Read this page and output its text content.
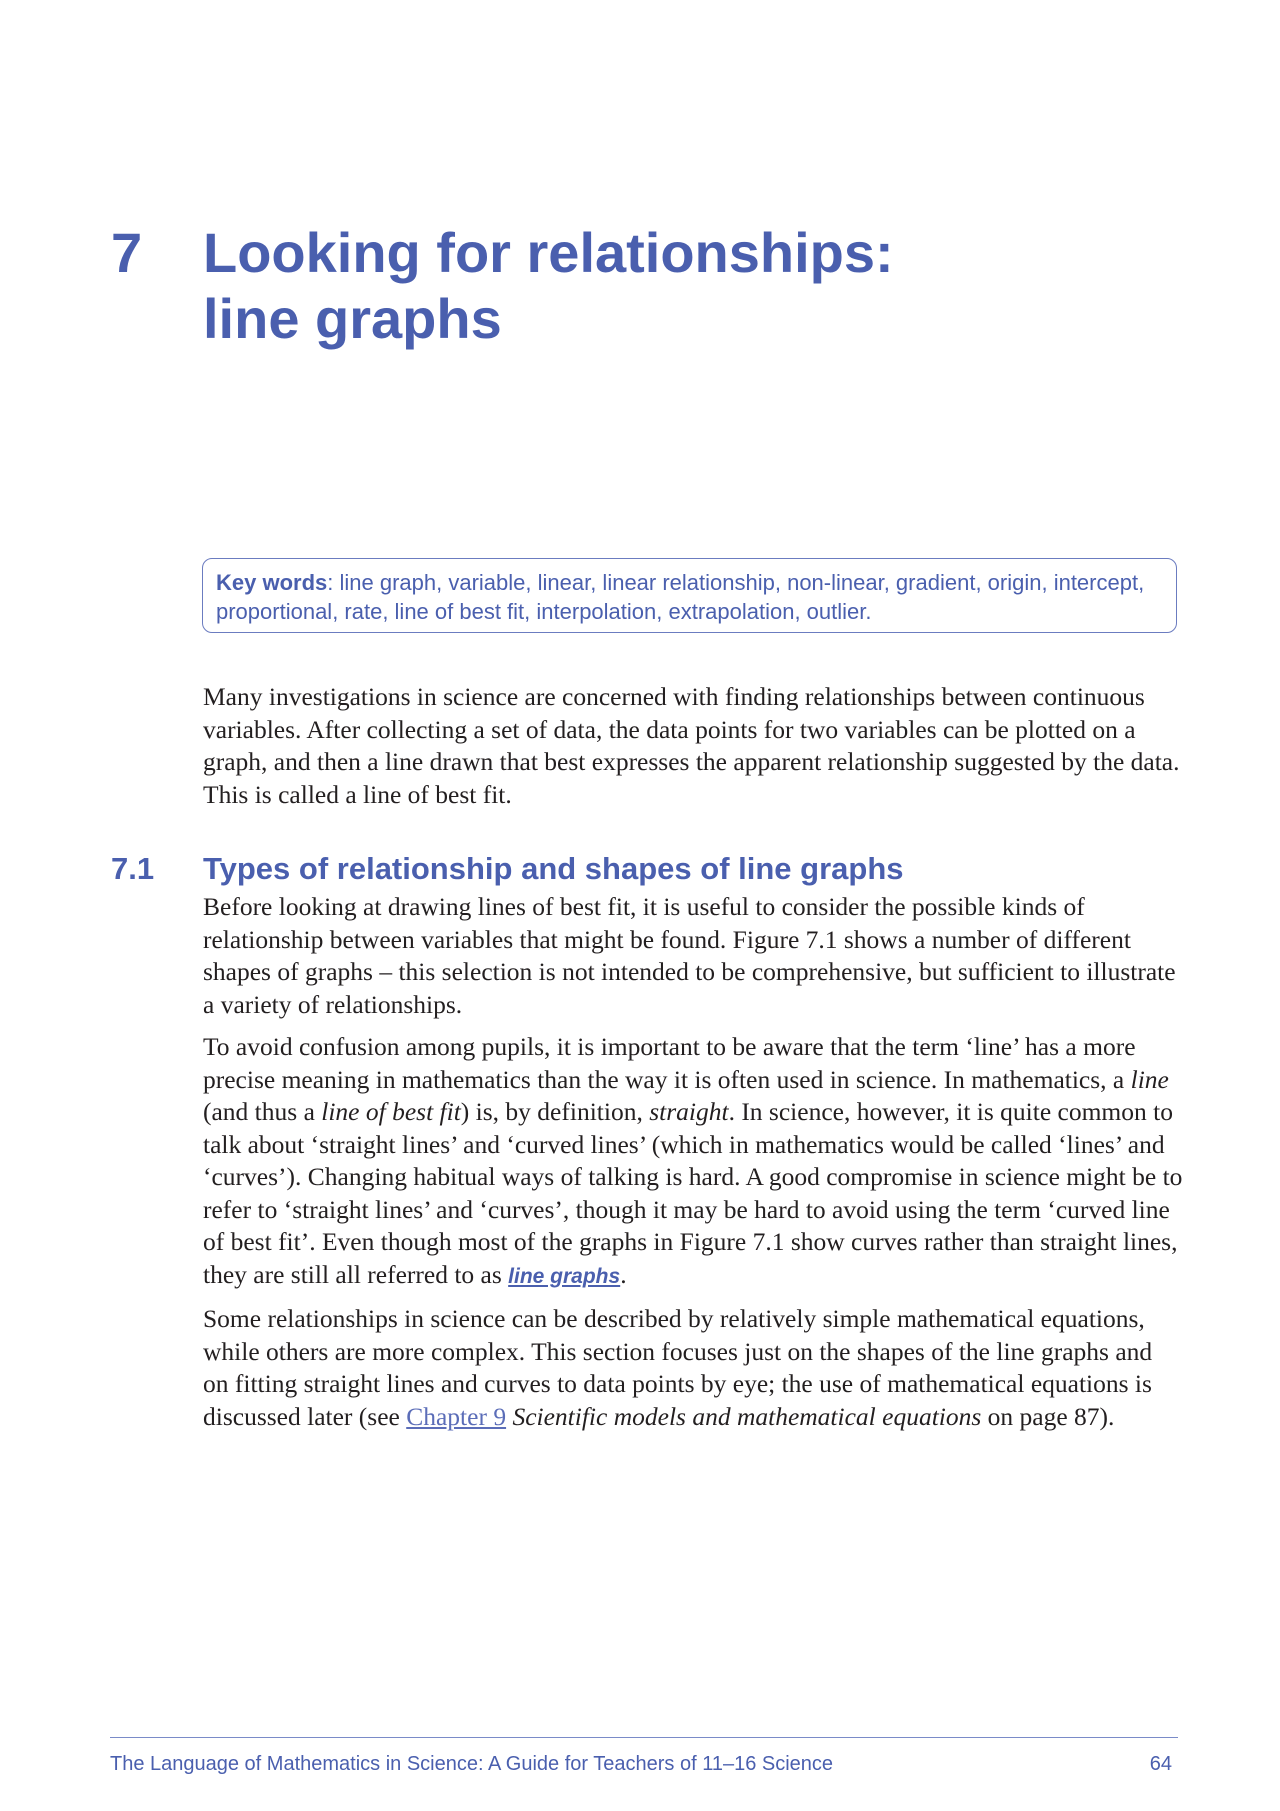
7 Looking for relationships:
line graphs
Key words: line graph, variable, linear, linear relationship, non-linear, gradient, origin, intercept, proportional, rate, line of best fit, interpolation, extrapolation, outlier.

Many investigations in science are concerned with finding relationships between continuous variables. After collecting a set of data, the data points for two variables can be plotted on a graph, and then a line drawn that best expresses the apparent relationship suggested by the data. This is called a line of best fit.

7.1 Types of relationship and shapes of line graphs

Before looking at drawing lines of best fit, it is useful to consider the possible kinds of relationship between variables that might be found. Figure 7.1 shows a number of different shapes of graphs – this selection is not intended to be comprehensive, but sufficient to illustrate a variety of relationships.

To avoid confusion among pupils, it is important to be aware that the term ‘line’ has a more precise meaning in mathematics than the way it is often used in science. In mathematics, a line (and thus a line of best fit) is, by definition, straight. In science, however, it is quite common to talk about ‘straight lines’ and ‘curved lines’ (which in mathematics would be called ‘lines’ and ‘curves’). Changing habitual ways of talking is hard. A good compromise in science might be to refer to ‘straight lines’ and ‘curves’, though it may be hard to avoid using the term ‘curved line of best fit’. Even though most of the graphs in Figure 7.1 show curves rather than straight lines, they are still all referred to as line graphs.

Some relationships in science can be described by relatively simple mathematical equations, while others are more complex. This section focuses just on the shapes of the line graphs and on fitting straight lines and curves to data points by eye; the use of mathematical equations is discussed later (see Chapter 9 Scientific models and mathematical equations on page 87).

The Language of Mathematics in Science: A Guide for Teachers of 11–16 Science	64
